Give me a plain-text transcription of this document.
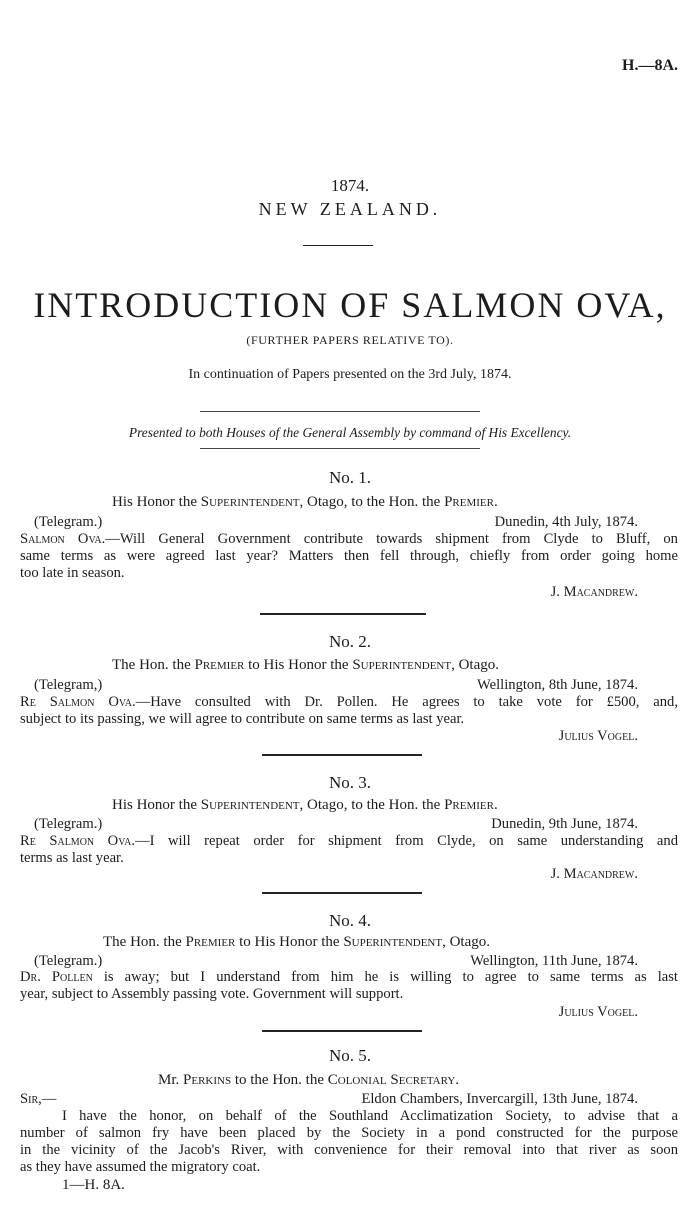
H.—8A.
1874.
NEW ZEALAND.
INTRODUCTION OF SALMON OVA,
(FURTHER PAPERS RELATIVE TO).
In continuation of Papers presented on the 3rd July, 1874.
Presented to both Houses of the General Assembly by command of His Excellency.
No. 1.
His Honor the Superintendent, Otago, to the Hon. the Premier.
(Telegram.)	Dunedin, 4th July, 1874.
Salmon Ova.—Will General Government contribute towards shipment from Clyde to Bluff, on
same terms as were agreed last year? Matters then fell through, chiefly from order going home
too late in season.
J. Macandrew.
No. 2.
The Hon. the Premier to His Honor the Superintendent, Otago.
(Telegram,)	Wellington, 8th June, 1874.
Re Salmon Ova.—Have consulted with Dr. Pollen. He agrees to take vote for £500, and,
subject to its passing, we will agree to contribute on same terms as last year.
Julius Vogel.
No. 3.
His Honor the Superintendent, Otago, to the Hon. the Premier.
(Telegram.)	Dunedin, 9th June, 1874.
Re Salmon Ova.—I will repeat order for shipment from Clyde, on same understanding and
terms as last year.
J. Macandrew.
No. 4.
The Hon. the Premier to His Honor the Superintendent, Otago.
(Telegram.)	Wellington, 11th June, 1874.
Dr. Pollen is away; but I understand from him he is willing to agree to same terms as last
year, subject to Assembly passing vote. Government will support.
Julius Vogel.
No. 5.
Mr. Perkins to the Hon. the Colonial Secretary.
Sir,—	Eldon Chambers, Invercargill, 13th June, 1874.
I have the honor, on behalf of the Southland Acclimatization Society, to advise that a
number of salmon fry have been placed by the Society in a pond constructed for the purpose
in the vicinity of the Jacob's River, with convenience for their removal into that river as soon
as they have assumed the migratory coat.
1—H. 8A.
